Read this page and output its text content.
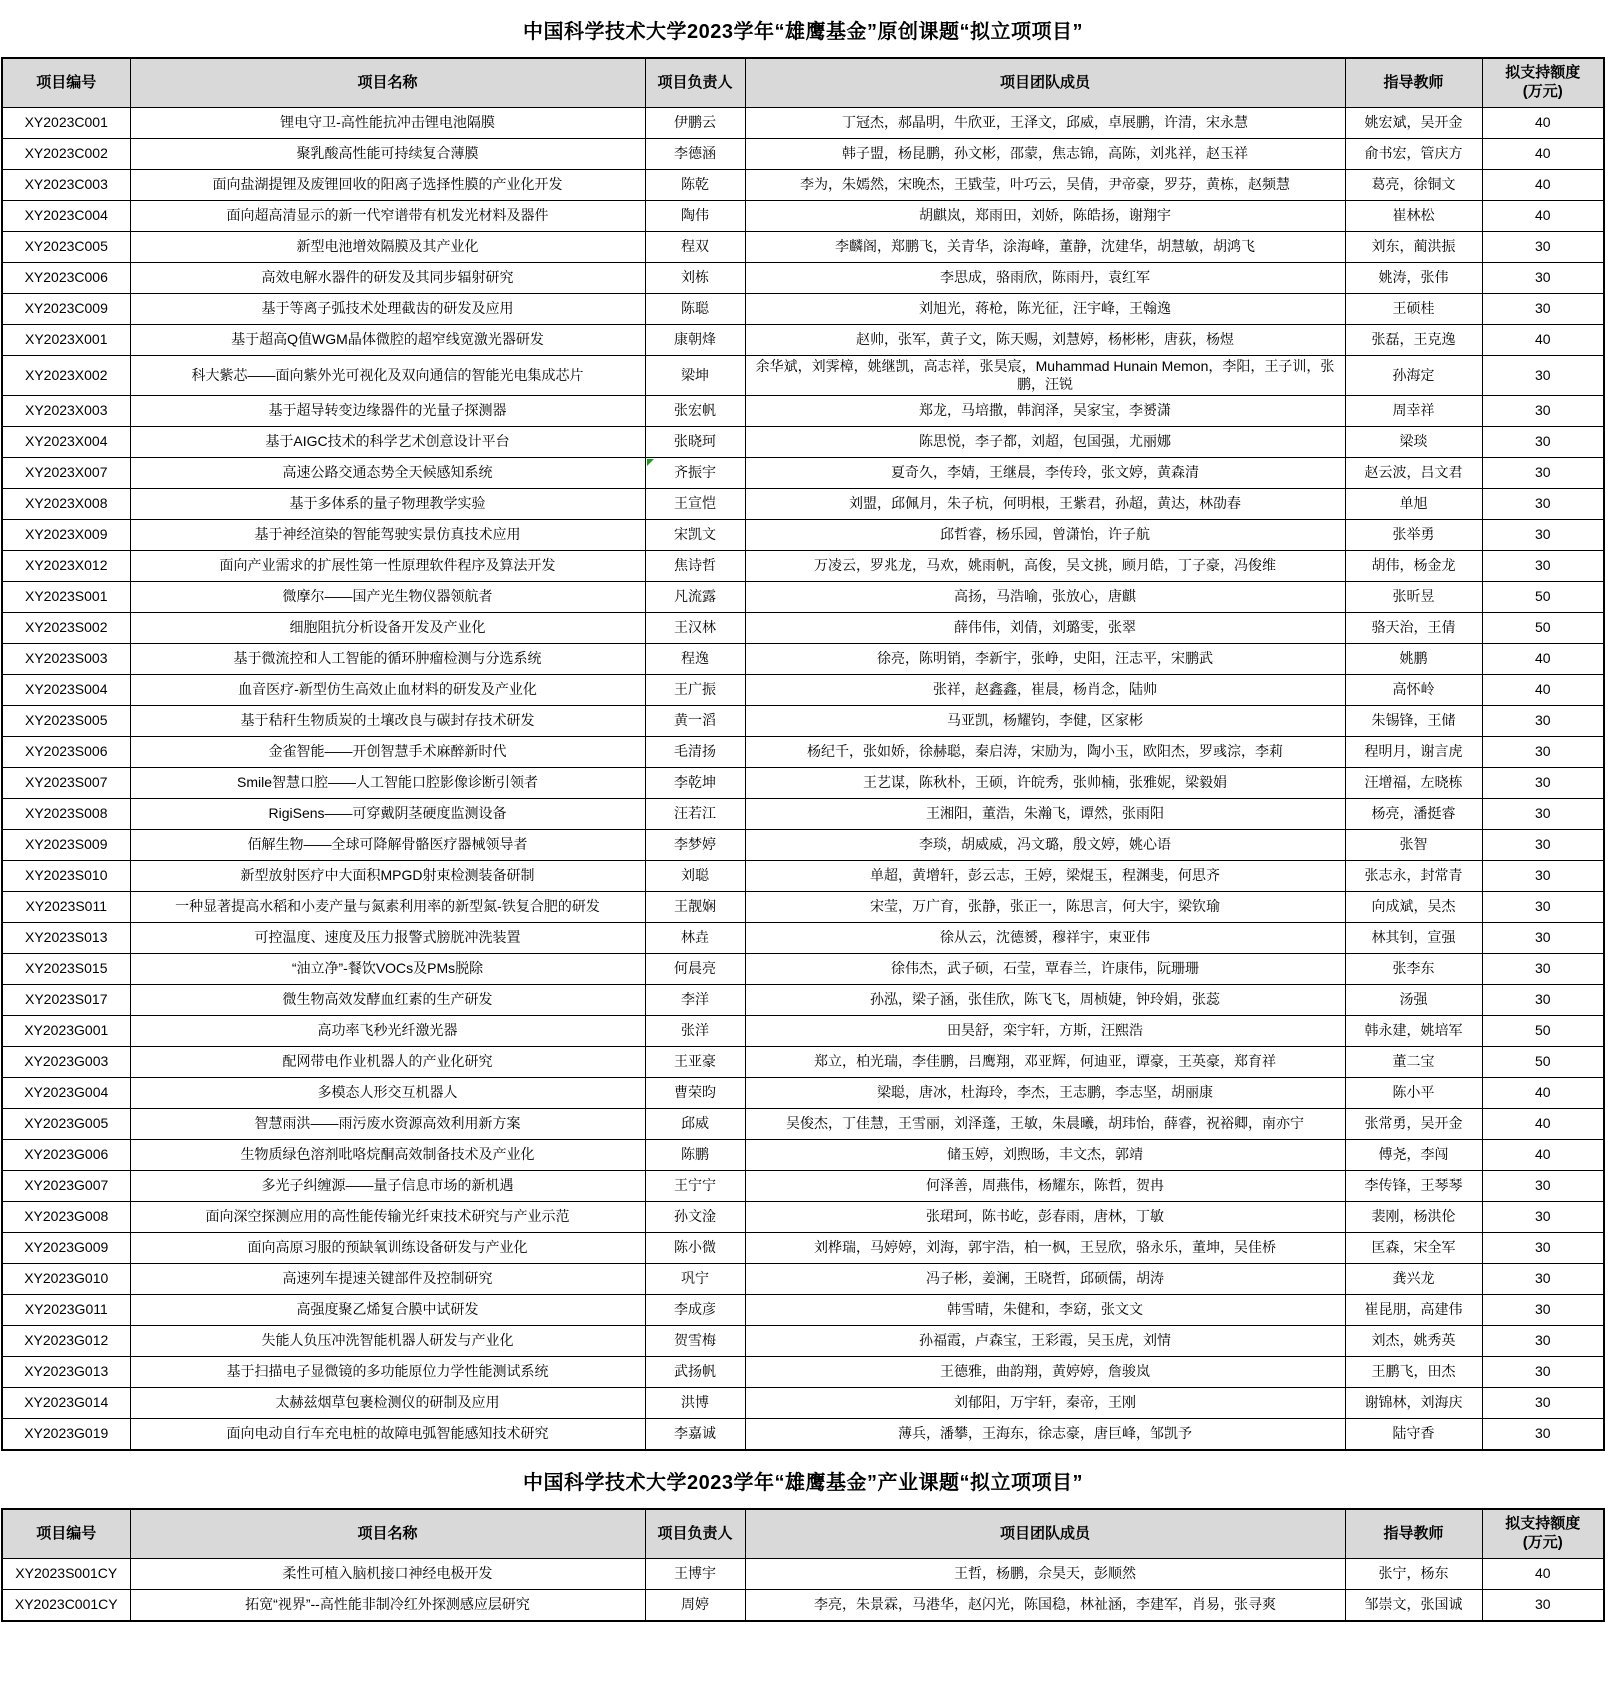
中国科学技术大学2023学年“雄鹰基金”原创课题“拟立项项目”
项目编号	项目名称	项目负责人	项目团队成员	指导教师	拟支持额度
(万元)

XY2023C001	锂电守卫-高性能抗冲击锂电池隔膜	伊鹏云	丁冠杰，郝晶明，牛欣亚，王泽文，邱威，卓展鹏，许清，宋永慧	姚宏斌，吴开金	40
XY2023C002	聚乳酸高性能可持续复合薄膜	李德涵	韩子盟，杨昆鹏，孙文彬，邵蒙，焦志锦，高陈，刘兆祥，赵玉祥	俞书宏，管庆方	40
XY2023C003	面向盐湖提锂及废锂回收的阳离子选择性膜的产业化开发	陈乾	李为，朱嫣然，宋晚杰，王戥莹，叶巧云，吴倩，尹帝豪，罗芬，黄栋，赵频慧	葛亮，徐铜文	40
XY2023C004	面向超高清显示的新一代窄谱带有机发光材料及器件	陶伟	胡麒岚，郑雨田，刘娇，陈皓扬，谢翔宇	崔林松	40
XY2023C005	新型电池增效隔膜及其产业化	程双	李麟阁，郑鹏飞，关青华，涂海峰，董静，沈建华，胡慧敏，胡鸿飞	刘东，蔺洪振	30
XY2023C006	高效电解水器件的研发及其同步辐射研究	刘栋	李思成，骆雨欣，陈雨丹，袁红军	姚涛，张伟	30
XY2023C009	基于等离子弧技术处理截齿的研发及应用	陈聪	刘旭光，蒋枪，陈光征，汪宇峰，王翰逸	王硕桂	30
XY2023X001	基于超高Q值WGM晶体微腔的超窄线宽激光器研发	康朝烽	赵帅，张军，黄子文，陈天赐，刘慧婷，杨彬彬，唐荻，杨煜	张磊，王克逸	40
XY2023X002	科大紫芯——面向紫外光可视化及双向通信的智能光电集成芯片	梁坤	余华斌，刘霁樟，姚继凯，高志祥，张昊宸，Muhammad Hunain Memon，李阳，王子训，张鹏，汪锐	孙海定	30
XY2023X003	基于超导转变边缘器件的光量子探测器	张宏帆	郑龙，马培撒，韩润泽，吴家宝，李赟潇	周幸祥	30
XY2023X004	基于AIGC技术的科学艺术创意设计平台	张晓珂	陈思悦，李子都，刘超，包国强，尤丽娜	梁琰	30
XY2023X007	高速公路交通态势全天候感知系统	齐振宇	夏奇久，李婧，王继晨，李传玲，张文婷，黄森清	赵云波，吕文君	30
XY2023X008	基于多体系的量子物理教学实验	王宣恺	刘盟，邱佩月，朱子杭，何明根，王紫君，孙超，黄达，林劭春	单旭	30
XY2023X009	基于神经渲染的智能驾驶实景仿真技术应用	宋凯文	邱哲睿，杨乐园，曾潇怡，许子航	张举勇	30
XY2023X012	面向产业需求的扩展性第一性原理软件程序及算法开发	焦诗哲	万凌云，罗兆龙，马欢，姚雨帆，高俊，吴文挑，顾月皓，丁子豪，冯俊维	胡伟，杨金龙	30
XY2023S001	微摩尔——国产光生物仪器领航者	凡流露	高扬，马浩喻，张放心，唐麒	张昕昱	50
XY2023S002	细胞阻抗分析设备开发及产业化	王汉林	薛伟伟，刘倩，刘璐雯，张翠	骆天治，王倩	50
XY2023S003	基于微流控和人工智能的循环肿瘤检测与分选系统	程逸	徐亮，陈明销，李新宇，张峥，史阳，汪志平，宋鹏武	姚鹏	40
XY2023S004	血音医疗-新型仿生高效止血材料的研发及产业化	王广振	张祥，赵鑫鑫，崔晨，杨肖念，陆帅	高怀岭	40
XY2023S005	基于秸秆生物质炭的土壤改良与碳封存技术研发	黄一滔	马亚凯，杨耀钧，李健，区家彬	朱锡锋，王储	30
XY2023S006	金雀智能——开创智慧手术麻醉新时代	毛清扬	杨纪千，张如娇，徐赫聪，秦启涛，宋励为，陶小玉，欧阳杰，罗彧淙，李莉	程明月，谢言虎	30
XY2023S007	Smile智慧口腔——人工智能口腔影像诊断引领者	李乾坤	王艺谋，陈秋朴，王硕，许皖秀，张帅楠，张雅妮，梁毅娟	汪增福，左晓栋	30
XY2023S008	RigiSens——可穿戴阴茎硬度监测设备	汪若江	王湘阳，董浩，朱瀚飞，谭然，张雨阳	杨亮，潘挺睿	30
XY2023S009	佰解生物——全球可降解骨骼医疗器械领导者	李梦婷	李琰，胡威威，冯文璐，殷文婷，姚心语	张智	30
XY2023S010	新型放射医疗中大面积MPGD射束检测装备研制	刘聪	单超，黄增轩，彭云志，王婷，梁焜玉，程渊斐，何思齐	张志永，封常青	30
XY2023S011	一种显著提高水稻和小麦产量与氮素利用率的新型氮-铁复合肥的研发	王靓娴	宋莹，万广育，张静，张正一，陈思言，何大宇，梁钦瑜	向成斌，吴杰	30
XY2023S013	可控温度、速度及压力报警式膀胱冲洗装置	林垚	徐从云，沈德赟，穆祥宇，束亚伟	林其钊，宣强	30
XY2023S015	“油立净”-餐饮VOCs及PMs脱除	何晨亮	徐伟杰，武子硕，石莹，覃春兰，许康伟，阮珊珊	张李东	30
XY2023S017	微生物高效发酵血红素的生产研发	李洋	孙泓，梁子涵，张佳欣，陈飞飞，周桢婕，钟玲娟，张蕊	汤强	30
XY2023G001	高功率飞秒光纤激光器	张洋	田昊舒，栾宇轩，方斯，汪熙浩	韩永建，姚培军	50
XY2023G003	配网带电作业机器人的产业化研究	王亚豪	郑立，柏光瑞，李佳鹏，吕鹰翔，邓亚辉，何迪亚，谭豪，王英豪，郑育祥	董二宝	50
XY2023G004	多模态人形交互机器人	曹荣昀	梁聪，唐冰，杜海玲，李杰，王志鹏，李志坚，胡丽康	陈小平	40
XY2023G005	智慧雨洪——雨污废水资源高效利用新方案	邱威	吴俊杰，丁佳慧，王雪丽，刘泽蓬，王敏，朱晨曦，胡玮怡，薛睿，祝裕卿，南亦宁	张常勇，吴开金	40
XY2023G006	生物质绿色溶剂吡咯烷酮高效制备技术及产业化	陈鹏	储玉婷，刘煦旸，丰文杰，郭靖	傅尧，李闯	40
XY2023G007	多光子纠缠源——量子信息市场的新机遇	王宁宁	何泽善，周燕伟，杨耀东，陈哲，贺冉	李传锋，王琴琴	30
XY2023G008	面向深空探测应用的高性能传输光纤束技术研究与产业示范	孙文淦	张珺珂，陈书屹，彭春雨，唐林，丁敏	裴刚，杨洪伦	30
XY2023G009	面向高原习服的预缺氧训练设备研发与产业化	陈小微	刘桦瑞，马婷婷，刘海，郭宇浩，柏一枫，王昱欣，骆永乐，董坤，吴佳桥	匡森，宋全军	30
XY2023G010	高速列车提速关键部件及控制研究	巩宁	冯子彬，姜澜，王晓哲，邱硕儒，胡涛	龚兴龙	30
XY2023G011	高强度聚乙烯复合膜中试研发	李成彦	韩雪晴，朱健和，李窈，张文文	崔昆朋，高建伟	30
XY2023G012	失能人负压冲洗智能机器人研发与产业化	贺雪梅	孙福霞，卢森宝，王彩霞，吴玉虎，刘情	刘杰，姚秀英	30
XY2023G013	基于扫描电子显微镜的多功能原位力学性能测试系统	武扬帆	王德雅，曲韵翔，黄婷婷，詹骏岚	王鹏飞，田杰	30
XY2023G014	太赫兹烟草包裹检测仪的研制及应用	洪博	刘郁阳，万宇轩，秦帝，王刚	谢锦林，刘海庆	30
XY2023G019	面向电动自行车充电桩的故障电弧智能感知技术研究	李嘉诚	薄兵，潘攀，王海东，徐志豪，唐巨峰，邹凯予	陆守香	30
中国科学技术大学2023学年“雄鹰基金”产业课题“拟立项项目”
项目编号	项目名称	项目负责人	项目团队成员	指导教师	拟支持额度
(万元)

XY2023S001CY	柔性可植入脑机接口神经电极开发	王博宇	王哲，杨鹏，佘昊天，彭顺然	张宁，杨东	40
XY2023C001CY	拓宽“视界”--高性能非制冷红外探测感应层研究	周婷	李亮，朱景霖，马港华，赵闪光，陈国稳，林祉涵，李建军，肖易，张寻爽	邹崇文，张国诚	30
